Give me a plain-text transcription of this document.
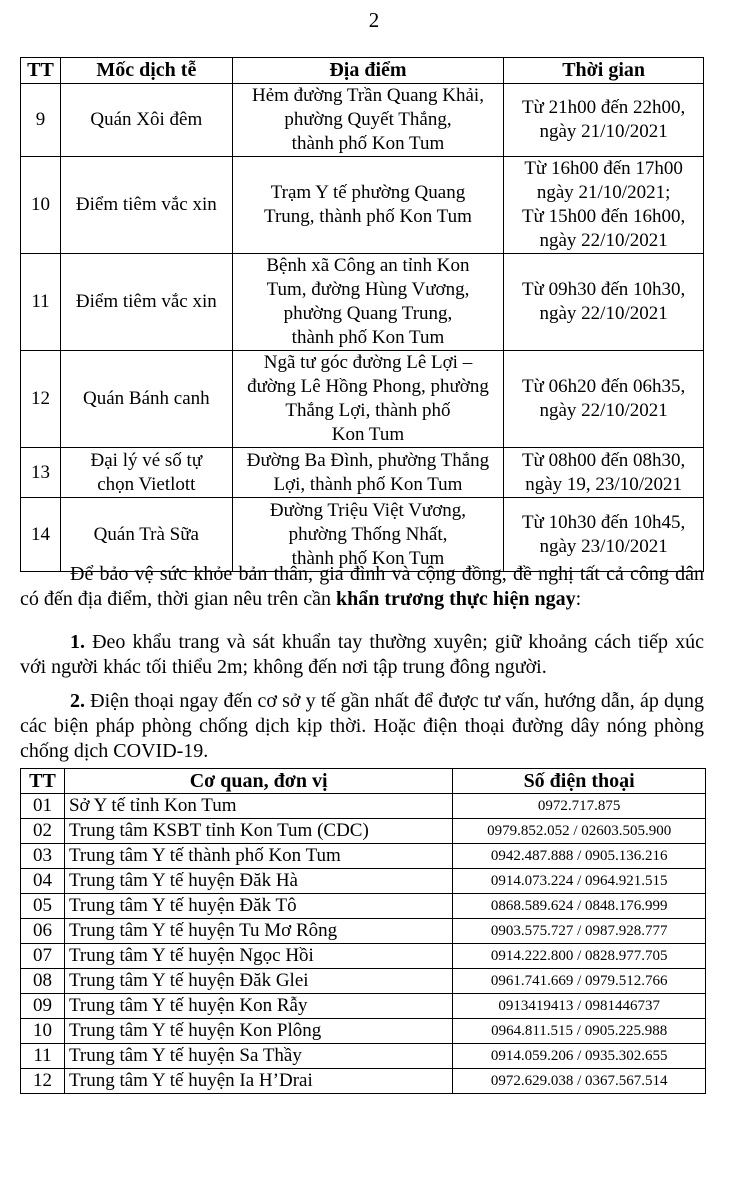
2
TT	Mốc dịch tễ	Địa điểm	Thời gian
9	Quán Xôi đêm	Hẻm đường Trần Quang Khải,
phường Quyết Thắng,
thành phố Kon Tum	Từ 21h00 đến 22h00,
ngày 21/10/2021
10	Điểm tiêm vắc xin	Trạm Y tế phường Quang
Trung, thành phố Kon Tum	Từ 16h00 đến 17h00
ngày 21/10/2021;
Từ 15h00 đến 16h00,
ngày 22/10/2021
11	Điểm tiêm vắc xin	Bệnh xã Công an tỉnh Kon
Tum, đường Hùng Vương,
phường Quang Trung,
thành phố Kon Tum	Từ 09h30 đến 10h30,
ngày 22/10/2021
12	Quán Bánh canh	Ngã tư góc đường Lê Lợi –
đường Lê Hồng Phong, phường
Thắng Lợi, thành phố
Kon Tum	Từ 06h20 đến 06h35,
ngày 22/10/2021
13	Đại lý vé số tự
chọn Vietlott	Đường Ba Đình, phường Thắng
Lợi, thành phố Kon Tum	Từ 08h00 đến 08h30,
ngày 19, 23/10/2021
14	Quán Trà Sữa	Đường Triệu Việt Vương,
phường Thống Nhất,
thành phố Kon Tum	Từ 10h30 đến 10h45,
ngày 23/10/2021

Để bảo vệ sức khỏe bản thân, gia đình và cộng đồng, đề nghị tất cả công dân có đến địa điểm, thời gian nêu trên cần khẩn trương thực hiện ngay:

1. Đeo khẩu trang và sát khuẩn tay thường xuyên; giữ khoảng cách tiếp xúc với người khác tối thiểu 2m; không đến nơi tập trung đông người.

2. Điện thoại ngay đến cơ sở y tế gần nhất để được tư vấn, hướng dẫn, áp dụng các biện pháp phòng chống dịch kịp thời. Hoặc điện thoại đường dây nóng phòng chống dịch COVID-19.

TT	Cơ quan, đơn vị	Số điện thoại
01	Sở Y tế tỉnh Kon Tum	0972.717.875
02	Trung tâm KSBT tỉnh Kon Tum (CDC)	0979.852.052 / 02603.505.900
03	Trung tâm Y tế thành phố Kon Tum	0942.487.888 / 0905.136.216
04	Trung tâm Y tế huyện Đăk Hà	0914.073.224 / 0964.921.515
05	Trung tâm Y tế huyện Đăk Tô	0868.589.624 / 0848.176.999
06	Trung tâm Y tế huyện Tu Mơ Rông	0903.575.727 / 0987.928.777
07	Trung tâm Y tế huyện Ngọc Hồi	0914.222.800 / 0828.977.705
08	Trung tâm Y tế huyện Đăk Glei	0961.741.669 / 0979.512.766
09	Trung tâm Y tế huyện Kon Rẫy	0913419413 / 0981446737
10	Trung tâm Y tế huyện Kon Plông	0964.811.515 / 0905.225.988
11	Trung tâm Y tế huyện Sa Thầy	0914.059.206 / 0935.302.655
12	Trung tâm Y tế huyện Ia H’Drai	0972.629.038 / 0367.567.514
